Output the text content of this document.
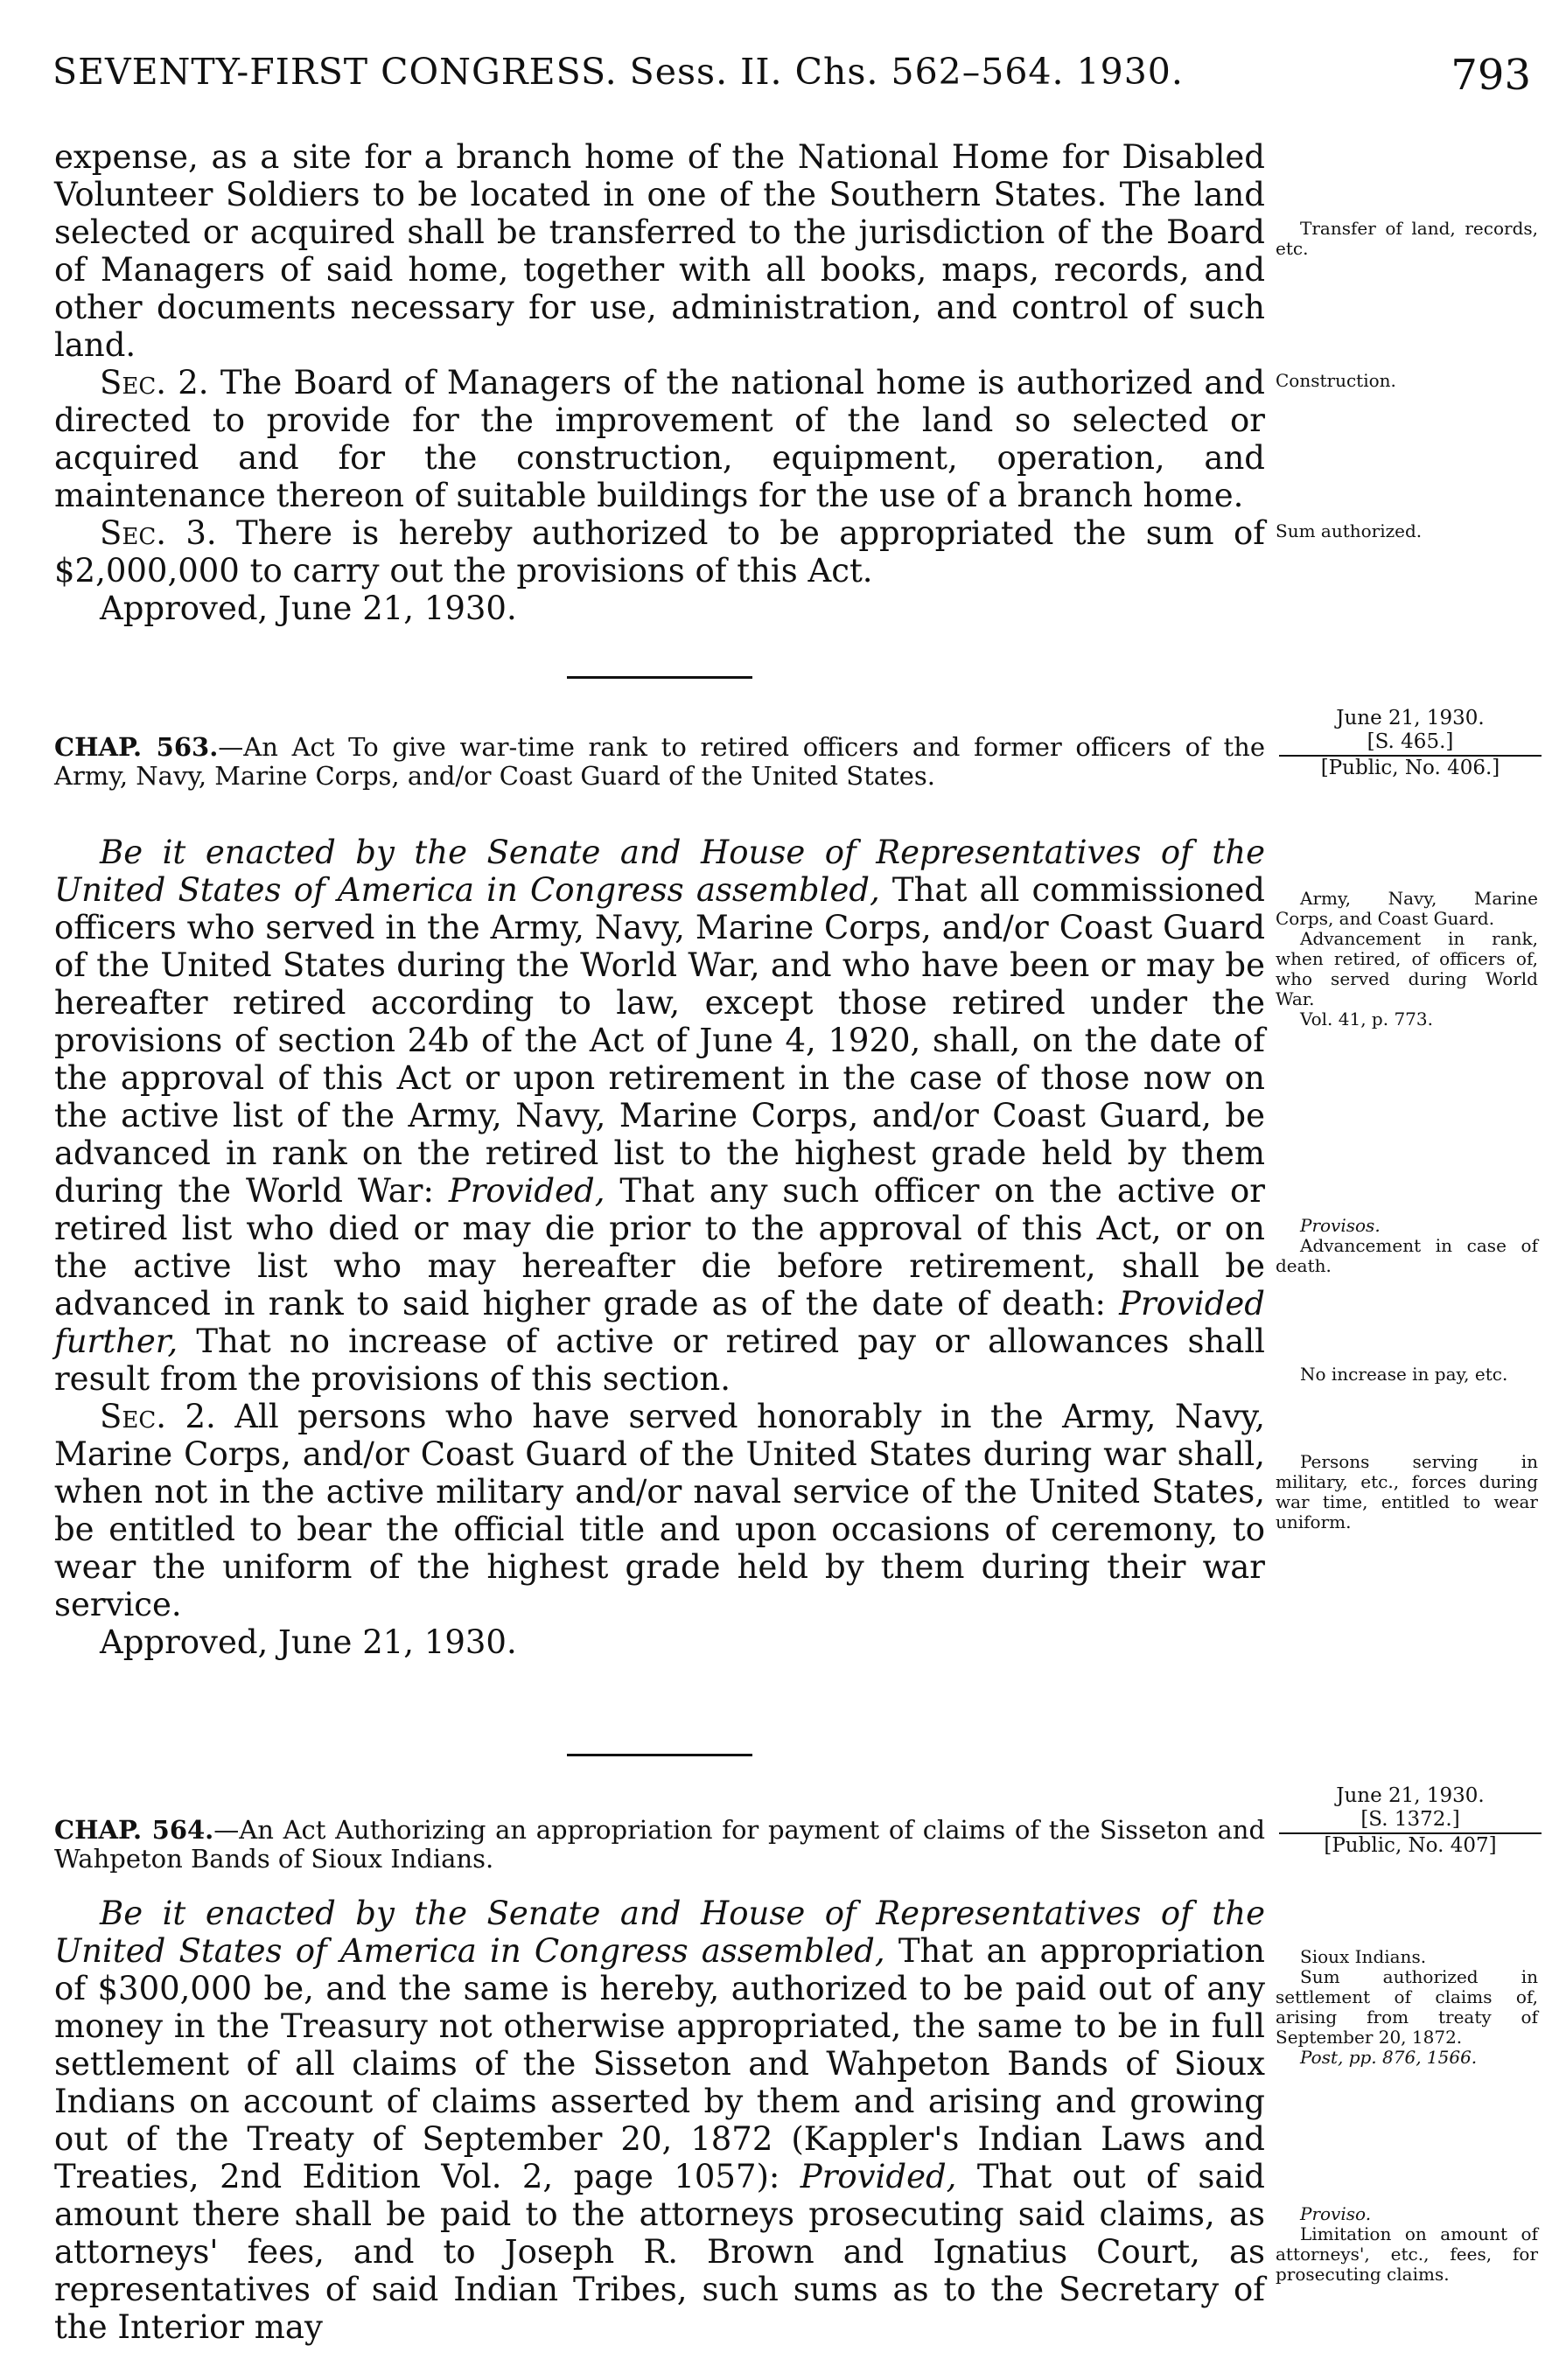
SEVENTY-FIRST CONGRESS. Sess. II. Chs. 562–564. 1930.	793

expense, as a site for a branch home of the National Home for Disabled Volunteer Soldiers to be located in one of the Southern States. The land selected or acquired shall be transferred to the jurisdiction of the Board of Managers of said home, together with all books, maps, records, and other documents necessary for use, administration, and control of such land.

Sec. 2. The Board of Managers of the national home is authorized and directed to provide for the improvement of the land so selected or acquired and for the construction, equipment, operation, and maintenance thereon of suitable buildings for the use of a branch home.

Sec. 3. There is hereby authorized to be appropriated the sum of $2,000,000 to carry out the provisions of this Act.

Approved, June 21, 1930.

Transfer of land, records, etc.

Construction.

Sum authorized.

June 21, 1930.
[S. 465.]
[Public, No. 406.]
CHAP. 563.—An Act To give war-time rank to retired officers and former officers of the Army, Navy, Marine Corps, and/or Coast Guard of the United States.

Be it enacted by the Senate and House of Representatives of the United States of America in Congress assembled, That all commissioned officers who served in the Army, Navy, Marine Corps, and/or Coast Guard of the United States during the World War, and who have been or may be hereafter retired according to law, except those retired under the provisions of section 24b of the Act of June 4, 1920, shall, on the date of the approval of this Act or upon retirement in the case of those now on the active list of the Army, Navy, Marine Corps, and/or Coast Guard, be advanced in rank on the retired list to the highest grade held by them during the World War: Provided, That any such officer on the active or retired list who died or may die prior to the approval of this Act, or on the active list who may hereafter die before retirement, shall be advanced in rank to said higher grade as of the date of death: Provided further, That no increase of active or retired pay or allowances shall result from the provisions of this section.

Sec. 2. All persons who have served honorably in the Army, Navy, Marine Corps, and/or Coast Guard of the United States during war shall, when not in the active military and/or naval service of the United States, be entitled to bear the official title and upon occasions of ceremony, to wear the uniform of the highest grade held by them during their war service.

Approved, June 21, 1930.

Army, Navy, Marine Corps, and Coast Guard.

Advancement in rank, when retired, of officers of, who served during World War.

Vol. 41, p. 773.

Provisos.

Advancement in case of death.

No increase in pay, etc.

Persons serving in military, etc., forces during war time, entitled to wear uniform.

June 21, 1930.
[S. 1372.]
[Public, No. 407]
CHAP. 564.—An Act Authorizing an appropriation for payment of claims of the Sisseton and Wahpeton Bands of Sioux Indians.

Be it enacted by the Senate and House of Representatives of the United States of America in Congress assembled, That an appropriation of $300,000 be, and the same is hereby, authorized to be paid out of any money in the Treasury not otherwise appropriated, the same to be in full settlement of all claims of the Sisseton and Wahpeton Bands of Sioux Indians on account of claims asserted by them and arising and growing out of the Treaty of September 20, 1872 (Kappler's Indian Laws and Treaties, 2nd Edition Vol. 2, page 1057): Provided, That out of said amount there shall be paid to the attorneys prosecuting said claims, as attorneys' fees, and to Joseph R. Brown and Ignatius Court, as representatives of said Indian Tribes, such sums as to the Secretary of the Interior may

Sioux Indians.

Sum authorized in settlement of claims of, arising from treaty of September 20, 1872.

Post, pp. 876, 1566.

Proviso.

Limitation on amount of attorneys', etc., fees, for prosecuting claims.
